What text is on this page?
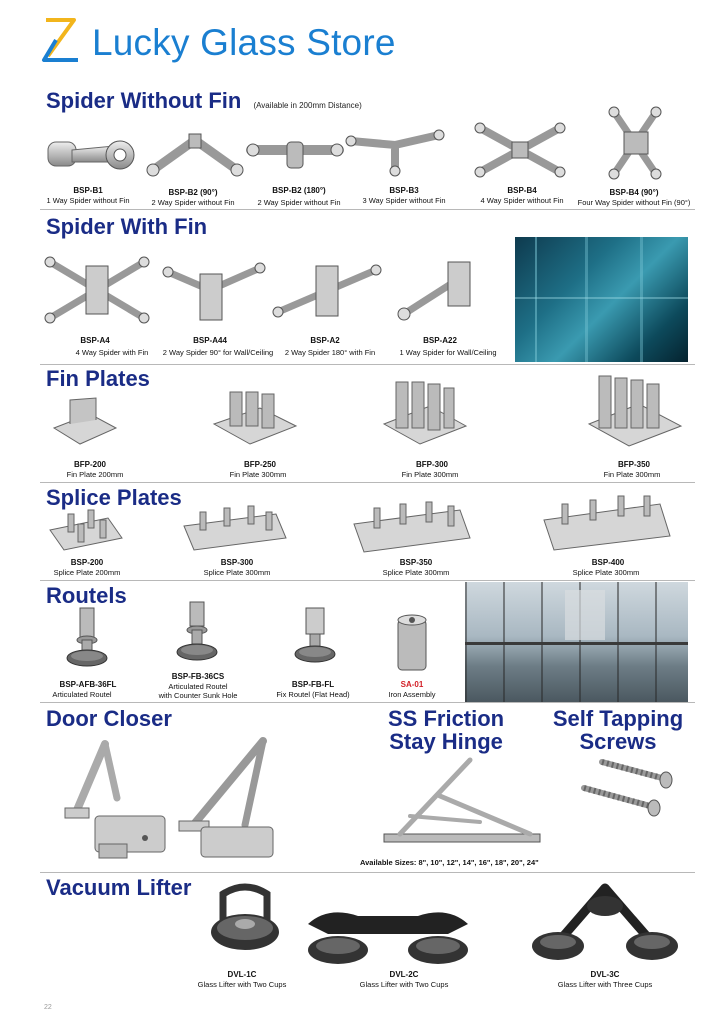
Lucky Glass Store
Spider Without Fin (Available in 200mm Distance)
BSP-B1
1 Way Spider without Fin
BSP-B2 (90°)
2 Way Spider without Fin
BSP-B2 (180°)
2 Way Spider without Fin
BSP-B3
3 Way Spider without Fin
BSP-B4
4 Way Spider without Fin
BSP-B4 (90°)
Four Way Spider without Fin (90°)
Spider With Fin
BSP-A4
4 Way Spider with Fin
BSP-A44
2 Way Spider 90° for Wall/Ceiling
BSP-A2
2 Way Spider 180° with Fin
BSP-A22
1 Way Spider for Wall/Ceiling
Fin Plates
BFP-200
Fin Plate 200mm
BFP-250
Fin Plate 300mm
BFP-300
Fin Plate 300mm
BFP-350
Fin Plate 300mm
Splice Plates
BSP-200
Splice Plate 200mm
BSP-300
Splice Plate 300mm
BSP-350
Splice Plate 300mm
BSP-400
Splice Plate 300mm
Routels
BSP-AFB-36FL
Articulated Routel
BSP-FB-36CS
Articulated Routel
with Counter Sunk Hole
BSP-FB-FL
Fix Routel (Flat Head)
SA-01
Iron Assembly
Door Closer	SS Friction
Stay Hinge
Self Tapping
Screws
Available Sizes: 8", 10", 12", 14", 16", 18", 20", 24"
Vacuum Lifter
DVL-1C
Glass Lifter with Two Cups
DVL-2C
Glass Lifter with Two Cups
DVL-3C
Glass Lifter with Three Cups
22
